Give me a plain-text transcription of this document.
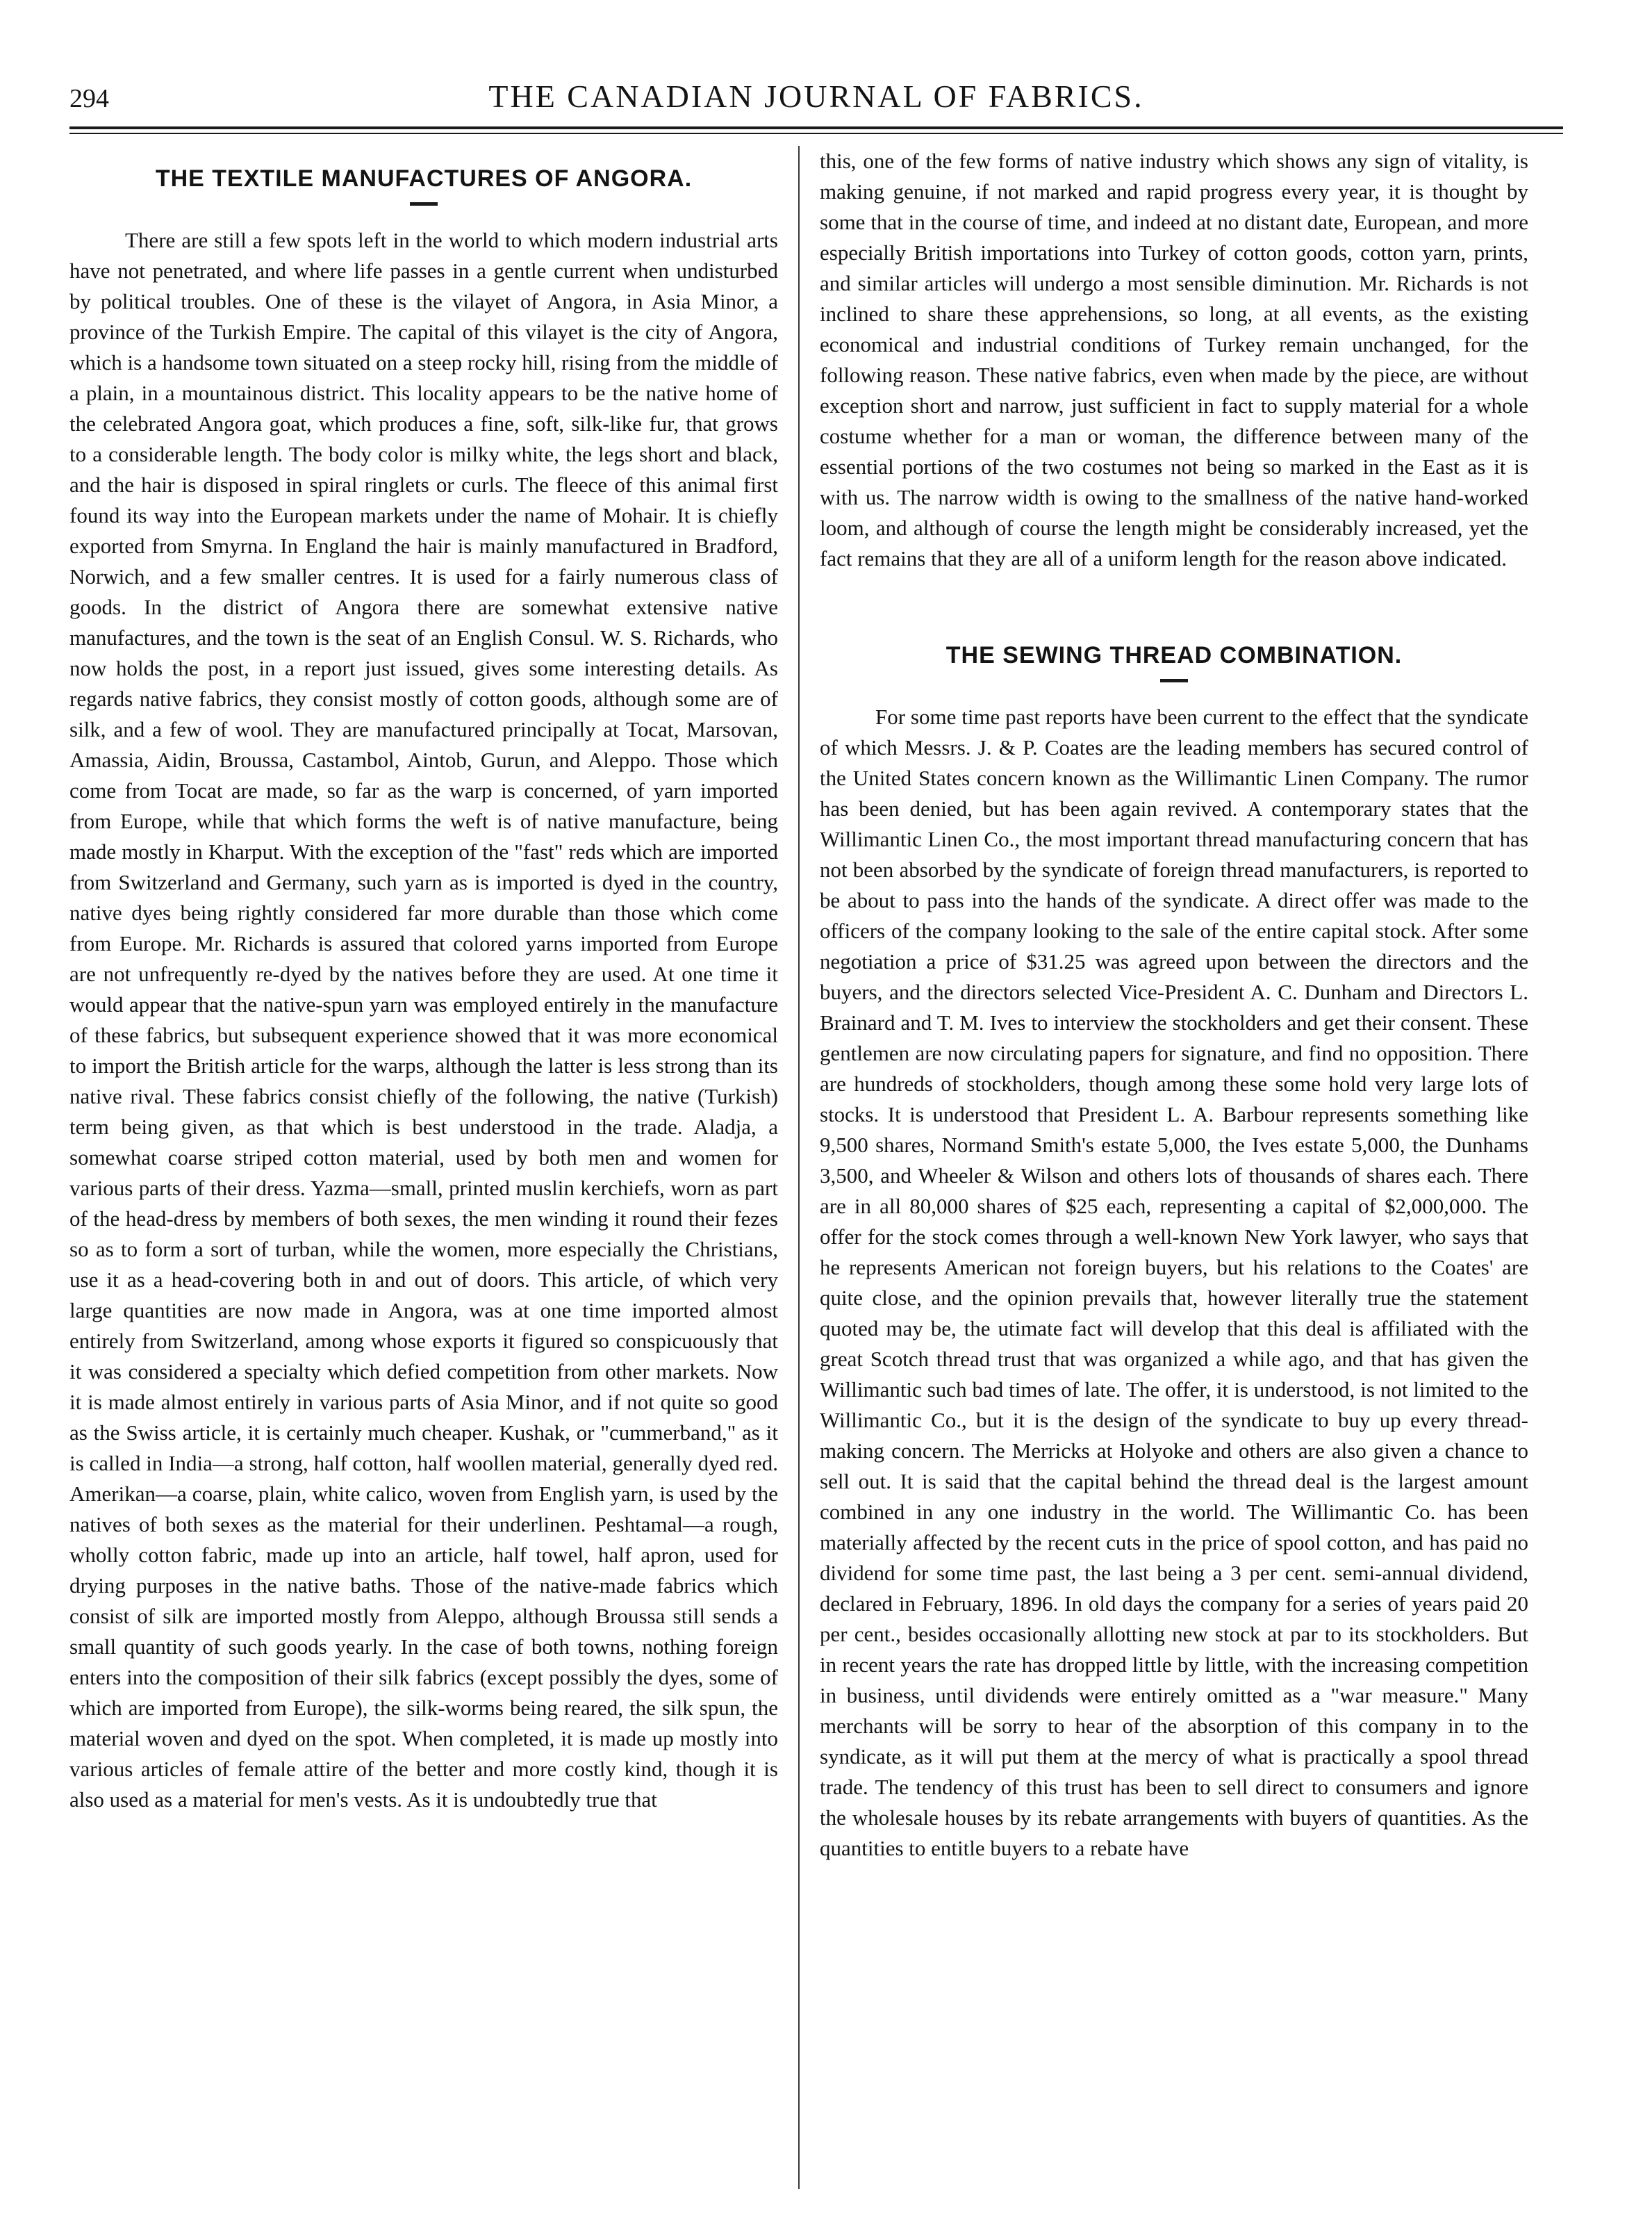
294	THE CANADIAN JOURNAL OF FABRICS.
THE TEXTILE MANUFACTURES OF ANGORA.

There are still a few spots left in the world to which modern industrial arts have not penetrated, and where life passes in a gentle current when undisturbed by political troubles. One of these is the vilayet of Angora, in Asia Minor, a province of the Turkish Empire. The capital of this vilayet is the city of Angora, which is a handsome town situated on a steep rocky hill, rising from the middle of a plain, in a mountainous district. This locality appears to be the native home of the celebrated Angora goat, which produces a fine, soft, silk-like fur, that grows to a considerable length. The body color is milky white, the legs short and black, and the hair is disposed in spiral ringlets or curls. The fleece of this animal first found its way into the European markets under the name of Mohair. It is chiefly exported from Smyrna. In England the hair is mainly manufactured in Bradford, Norwich, and a few smaller centres. It is used for a fairly numerous class of goods. In the district of Angora there are somewhat extensive native manufactures, and the town is the seat of an English Consul. W. S. Richards, who now holds the post, in a report just issued, gives some interesting details. As regards native fabrics, they consist mostly of cotton goods, although some are of silk, and a few of wool. They are manufactured principally at Tocat, Marsovan, Amassia, Aidin, Broussa, Castambol, Aintob, Gurun, and Aleppo. Those which come from Tocat are made, so far as the warp is concerned, of yarn imported from Europe, while that which forms the weft is of native manufacture, being made mostly in Kharput. With the exception of the "fast" reds which are imported from Switzerland and Germany, such yarn as is imported is dyed in the country, native dyes being rightly considered far more durable than those which come from Europe. Mr. Richards is assured that colored yarns imported from Europe are not unfrequently re-dyed by the natives before they are used. At one time it would appear that the native-spun yarn was employed entirely in the manufacture of these fabrics, but subsequent experience showed that it was more economical to import the British article for the warps, although the latter is less strong than its native rival. These fabrics consist chiefly of the following, the native (Turkish) term being given, as that which is best understood in the trade. Aladja, a somewhat coarse striped cotton material, used by both men and women for various parts of their dress. Yazma—small, printed muslin kerchiefs, worn as part of the head-dress by members of both sexes, the men winding it round their fezes so as to form a sort of turban, while the women, more especially the Christians, use it as a head-covering both in and out of doors. This article, of which very large quantities are now made in Angora, was at one time imported almost entirely from Switzerland, among whose exports it figured so conspicuously that it was considered a specialty which defied competition from other markets. Now it is made almost entirely in various parts of Asia Minor, and if not quite so good as the Swiss article, it is certainly much cheaper. Kushak, or "cummerband," as it is called in India—a strong, half cotton, half woollen material, generally dyed red. Amerikan—a coarse, plain, white calico, woven from English yarn, is used by the natives of both sexes as the material for their underlinen. Peshtamal—a rough, wholly cotton fabric, made up into an article, half towel, half apron, used for drying purposes in the native baths. Those of the native-made fabrics which consist of silk are imported mostly from Aleppo, although Broussa still sends a small quantity of such goods yearly. In the case of both towns, nothing foreign enters into the composition of their silk fabrics (except possibly the dyes, some of which are imported from Europe), the silk-worms being reared, the silk spun, the material woven and dyed on the spot. When completed, it is made up mostly into various articles of female attire of the better and more costly kind, though it is also used as a material for men's vests. As it is undoubtedly true that

this, one of the few forms of native industry which shows any sign of vitality, is making genuine, if not marked and rapid progress every year, it is thought by some that in the course of time, and indeed at no distant date, European, and more especially British importations into Turkey of cotton goods, cotton yarn, prints, and similar articles will undergo a most sensible diminution. Mr. Richards is not inclined to share these apprehensions, so long, at all events, as the existing economical and industrial conditions of Turkey remain unchanged, for the following reason. These native fabrics, even when made by the piece, are without exception short and narrow, just sufficient in fact to supply material for a whole costume whether for a man or woman, the difference between many of the essential portions of the two costumes not being so marked in the East as it is with us. The narrow width is owing to the smallness of the native hand-worked loom, and although of course the length might be considerably increased, yet the fact remains that they are all of a uniform length for the reason above indicated.

THE SEWING THREAD COMBINATION.

For some time past reports have been current to the effect that the syndicate of which Messrs. J. & P. Coates are the leading members has secured control of the United States concern known as the Willimantic Linen Company. The rumor has been denied, but has been again revived. A contemporary states that the Willimantic Linen Co., the most important thread manufacturing concern that has not been absorbed by the syndicate of foreign thread manufacturers, is reported to be about to pass into the hands of the syndicate. A direct offer was made to the officers of the company looking to the sale of the entire capital stock. After some negotiation a price of $31.25 was agreed upon between the directors and the buyers, and the directors selected Vice-President A. C. Dunham and Directors L. Brainard and T. M. Ives to interview the stockholders and get their consent. These gentlemen are now circulating papers for signature, and find no opposition. There are hundreds of stockholders, though among these some hold very large lots of stocks. It is understood that President L. A. Barbour represents something like 9,500 shares, Normand Smith's estate 5,000, the Ives estate 5,000, the Dunhams 3,500, and Wheeler & Wilson and others lots of thousands of shares each. There are in all 80,000 shares of $25 each, representing a capital of $2,000,000. The offer for the stock comes through a well-known New York lawyer, who says that he represents American not foreign buyers, but his relations to the Coates' are quite close, and the opinion prevails that, however literally true the statement quoted may be, the utimate fact will develop that this deal is affiliated with the great Scotch thread trust that was organized a while ago, and that has given the Willimantic such bad times of late. The offer, it is understood, is not limited to the Willimantic Co., but it is the design of the syndicate to buy up every thread-making concern. The Merricks at Holyoke and others are also given a chance to sell out. It is said that the capital behind the thread deal is the largest amount combined in any one industry in the world. The Willimantic Co. has been materially affected by the recent cuts in the price of spool cotton, and has paid no dividend for some time past, the last being a 3 per cent. semi-annual dividend, declared in February, 1896. In old days the company for a series of years paid 20 per cent., besides occasionally allotting new stock at par to its stockholders. But in recent years the rate has dropped little by little, with the increasing competition in business, until dividends were entirely omitted as a "war measure." Many merchants will be sorry to hear of the absorption of this company in to the syndicate, as it will put them at the mercy of what is practically a spool thread trade. The tendency of this trust has been to sell direct to consumers and ignore the wholesale houses by its rebate arrangements with buyers of quantities. As the quantities to entitle buyers to a rebate have
